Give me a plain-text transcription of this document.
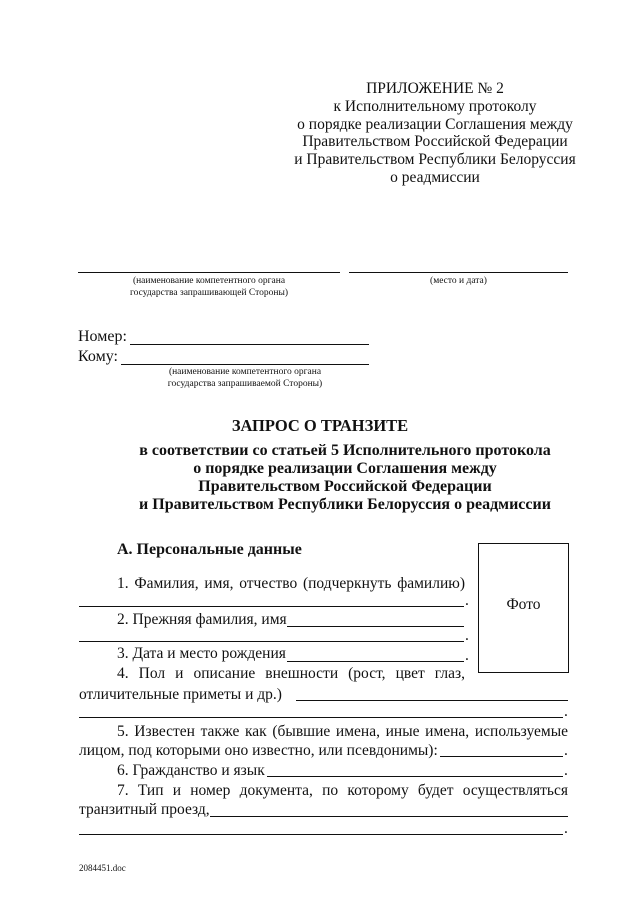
ПРИЛОЖЕНИЕ № 2
к Исполнительному протоколу
о порядке реализации Соглашения между
Правительством Российской Федерации
и Правительством Республики Белоруссия
о реадмиссии
(наименование компетентного органа
государства запрашивающей Стороны)
(место и дата)
Номер:
Кому:
(наименование компетентного органа
государства запрашиваемой Стороны)
ЗАПРОС О ТРАНЗИТЕ
в соответствии со статьей 5 Исполнительного протокола
о порядке реализации Соглашения между
Правительством Российской Федерации
и Правительством Республики Белоруссия о реадмиссии
А. Персональные данные
Фото
1. Фамилия, имя, отчество (подчеркнуть фамилию)
.
2. Прежняя фамилия, имя
.
3. Дата и место рождения	.
4. Пол и описание внешности (рост, цвет глаз,
отличительные приметы и др.)
.
5. Известен также как (бывшие имена, иные имена, используемые
лицом, под которыми оно известно, или псевдонимы):	.
6. Гражданство и язык	.
7. Тип и номер документа, по которому будет осуществляться
транзитный проезд,
.
2084451.doc
